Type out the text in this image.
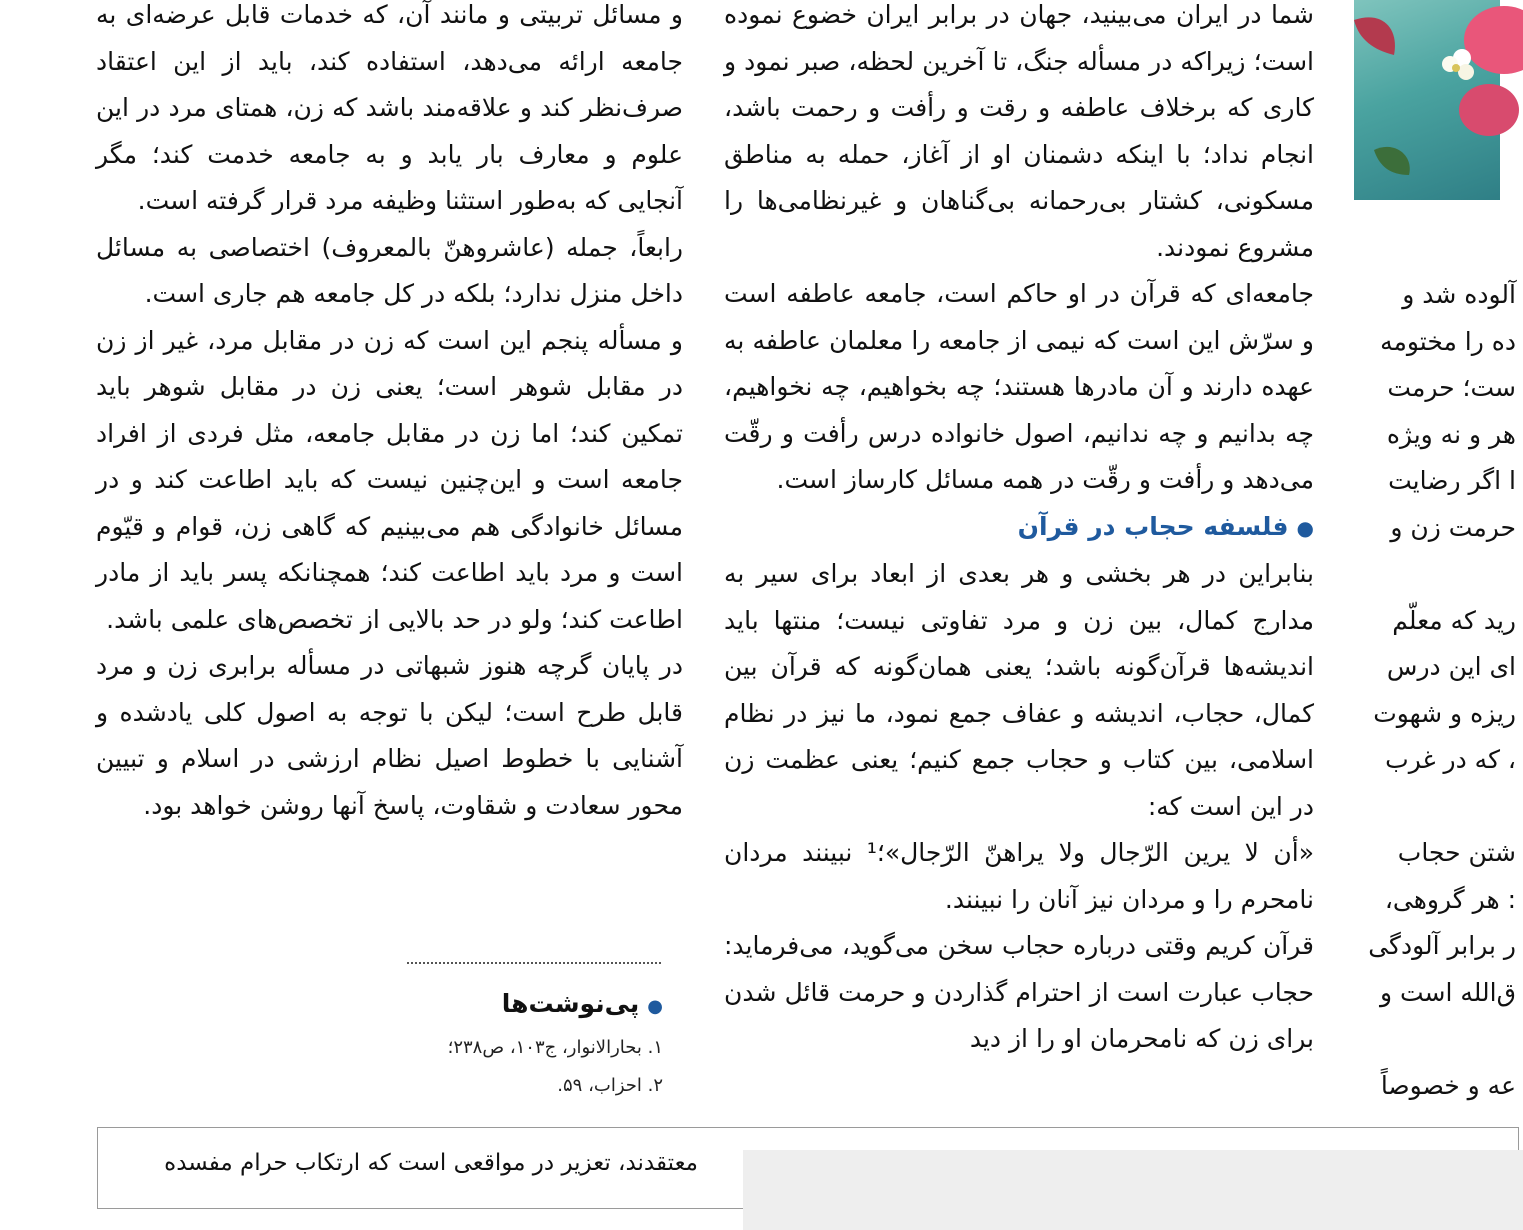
و مسائل تربیتی و مانند آن، که خدمات قابل عرضه‌ای به جامعه ارائه می‌دهد، استفاده کند، باید از این اعتقاد صرف‌نظر کند و علاقه‌مند باشد که زن، همتای مرد در این علوم و معارف بار یابد و به جامعه خدمت کند؛ مگر آنجایی که به‌طور استثنا وظیفه مرد قرار گرفته است.

رابعاً، جمله (عاشروهنّ بالمعروف) اختصاصی به مسائل داخل منزل ندارد؛ بلکه در کل جامعه هم جاری است.

و مسأله پنجم این است که زن در مقابل مرد، غیر از زن در مقابل شوهر است؛ یعنی زن در مقابل شوهر باید تمکین کند؛ اما زن در مقابل جامعه، مثل فردی از افراد جامعه است و این‌چنین نیست که باید اطاعت کند و در مسائل خانوادگی هم می‌بینیم که گاهی زن، قوام و قیّوم است و مرد باید اطاعت کند؛ همچنانکه پسر باید از مادر اطاعت کند؛ ولو در حد بالایی از تخصص‌های علمی باشد.

در پایان گرچه هنوز شبهاتی در مسأله برابری زن و مرد قابل طرح است؛ لیکن با توجه به اصول کلی یادشده و آشنایی با خطوط اصیل نظام ارزشی در اسلام و تبیین محور سعادت و شقاوت، پاسخ آنها روشن خواهد بود.

●پی‌نوشت‌ها
۱. بحارالانوار، ج۱۰۳، ص۲۳۸؛
۲. احزاب، ۵۹.

شما در ایران می‌بینید، جهان در برابر ایران خضوع نموده است؛ زیراکه در مسأله جنگ، تا آخرین لحظه، صبر نمود و کاری که برخلاف عاطفه و رقت و رأفت و رحمت باشد، انجام نداد؛ با اینکه دشمنان او از آغاز، حمله به مناطق مسکونی، کشتار بی‌رحمانه بی‌گناهان و غیرنظامی‌ها را مشروع نمودند.

جامعه‌ای که قرآن در او حاکم است، جامعه عاطفه است و سرّش این است که نیمی از جامعه را معلمان عاطفه به عهده دارند و آن مادرها هستند؛ چه بخواهیم، چه نخواهیم، چه بدانیم و چه ندانیم، اصول خانواده درس رأفت و رقّت می‌دهد و رأفت و رقّت در همه مسائل کارساز است.

●فلسفه حجاب در قرآن

بنابراین در هر بخشی و هر بعدی از ابعاد برای سیر به مدارج کمال، بین زن و مرد تفاوتی نیست؛ منتها باید اندیشه‌ها قرآن‌گونه باشد؛ یعنی همان‌گونه که قرآن بین کمال، حجاب، اندیشه و عفاف جمع نمود، ما نیز در نظام اسلامی، بین کتاب و حجاب جمع کنیم؛ یعنی عظمت زن در این است که:

«أن لا یرین الرّجال ولا یراهنّ الرّجال»؛¹ نبینند مردان نامحرم را و مردان نیز آنان را نبینند.

قرآن کریم وقتی درباره حجاب سخن می‌گوید، می‌فرماید: حجاب عبارت است از احترام گذاردن و حرمت قائل شدن برای زن که نامحرمان او را از دید

آلوده شد و

ده را مختومه

ست؛ حرمت

هر و نه ویژه

ا اگر رضایت

حرمت زن و

رید که معلّم

ای این درس

ریزه و شهوت

، که در غرب

شتن حجاب

: هر گروهی،

ر برابر آلودگی

ق‌الله است و

عه و خصوصاً

معتقدند، تعزیر در مواقعی است که ارتکاب حرام مفسده
